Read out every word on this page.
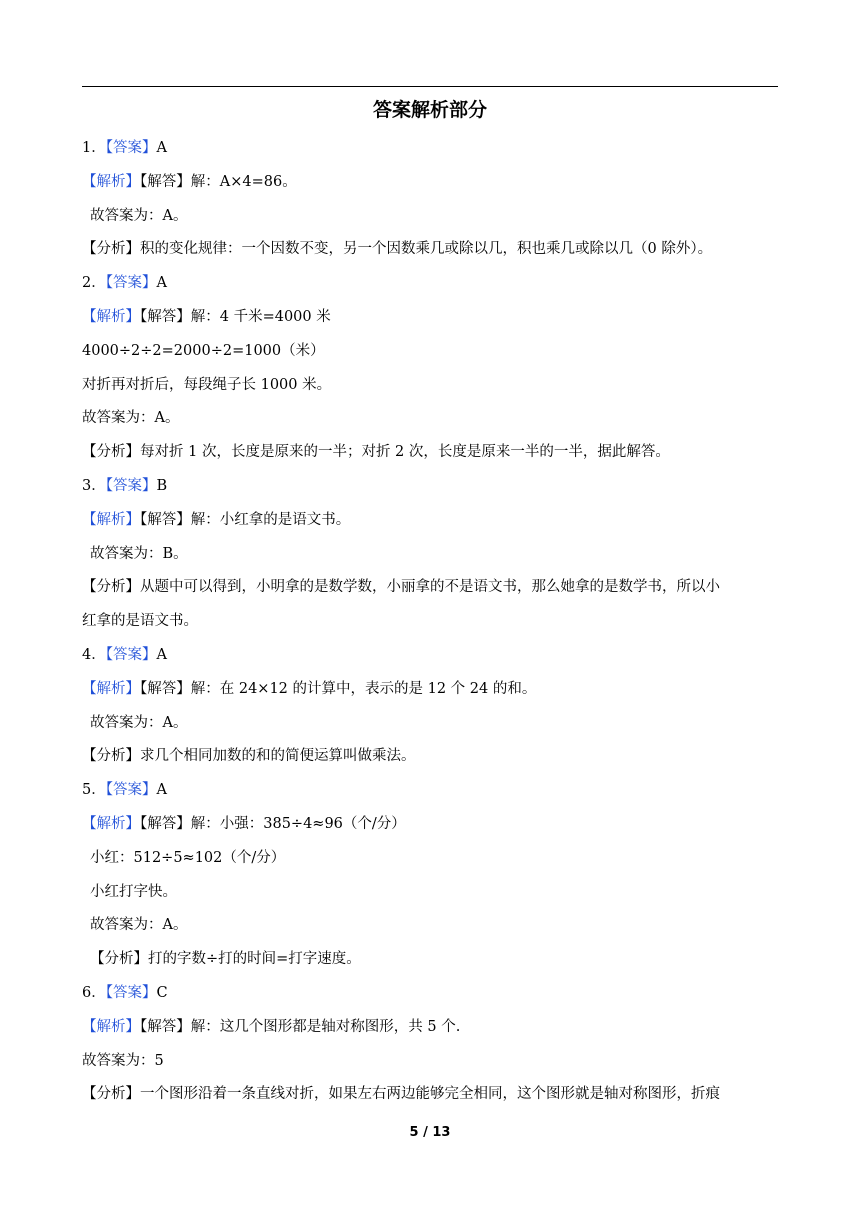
答案解析部分
1．【答案】A
【解析】【解答】解：A×4=86。
故答案为：A。
【分析】积的变化规律：一个因数不变，另一个因数乘几或除以几，积也乘几或除以几（0 除外）。
2．【答案】A
【解析】【解答】解：4 千米=4000 米
4000÷2÷2=2000÷2=1000（米）
对折再对折后，每段绳子长 1000 米。
故答案为：A。
【分析】每对折 1 次，长度是原来的一半；对折 2 次，长度是原来一半的一半，据此解答。
3．【答案】B
【解析】【解答】解：小红拿的是语文书。
故答案为：B。
【分析】从题中可以得到，小明拿的是数学数，小丽拿的不是语文书，那么她拿的是数学书，所以小
红拿的是语文书。
4．【答案】A
【解析】【解答】解：在 24×12 的计算中，表示的是 12 个 24 的和。
故答案为：A。
【分析】求几个相同加数的和的简便运算叫做乘法。
5．【答案】A
【解析】【解答】解：小强：385÷4≈96（个/分）
小红：512÷5≈102（个/分）
小红打字快。
故答案为：A。
【分析】打的字数÷打的时间=打字速度。
6．【答案】C
【解析】【解答】解：这几个图形都是轴对称图形，共 5 个.
故答案为：5
【分析】一个图形沿着一条直线对折，如果左右两边能够完全相同，这个图形就是轴对称图形，折痕
5 / 13
